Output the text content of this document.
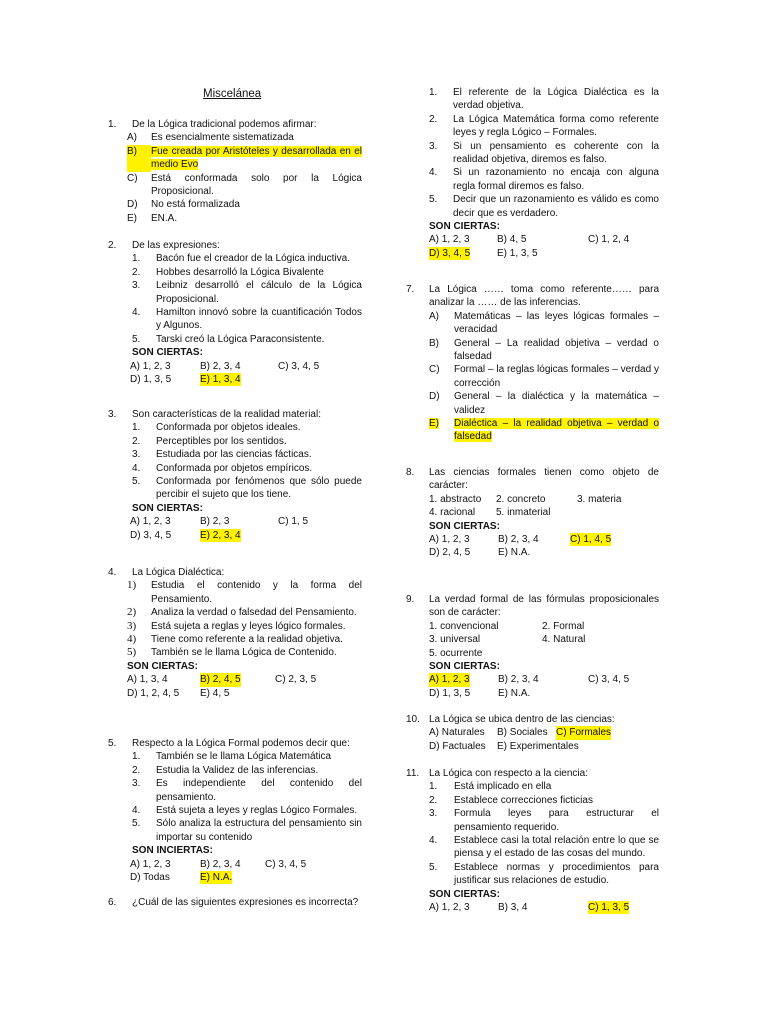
Miscelánea
1.	De la Lógica tradicional podemos afirmar:
A)	Es esencialmente sistematizada
B)	Fue creada por Aristóteles y desarrollada en el medio Evo
C)	Está conformada solo por la Lógica Proposicional.
D)	No está formalizada
E)	EN.A.
2.	De las expresiones:
1.	Bacón fue el creador de la Lógica inductiva.
2.	Hobbes desarrolló la Lógica Bivalente
3.	Leibniz desarrolló el cálculo de la Lógica Proposicional.
4.	Hamilton innovó sobre la cuantificación Todos y Algunos.
5.	Tarski creó la Lógica Paraconsistente.
SON CIERTAS:
A) 1, 2, 3	B) 2, 3, 4	C) 3, 4, 5
D) 1, 3, 5	E) 1, 3, 4
3.	Son características de la realidad material:
1.	Conformada por objetos ideales.
2.	Perceptibles por los sentidos.
3.	Estudiada por las ciencias fácticas.
4.	Conformada por objetos empíricos.
5.	Conformada por fenómenos que sólo puede percibir el sujeto que los tiene.
SON CIERTAS:
A) 1, 2, 3	B) 2, 3	C) 1, 5
D) 3, 4, 5	E) 2, 3, 4
4.	La Lógica Dialéctica:
1)	Estudia el contenido y la forma del Pensamiento.
2)	Analiza la verdad o falsedad del Pensamiento.
3)	Está sujeta a reglas y leyes lógico formales.
4)	Tiene como referente a la realidad objetiva.
5)	También se le llama Lógica de Contenido.
SON CIERTAS:
A) 1, 3, 4	B) 2, 4, 5	C) 2, 3, 5
D) 1, 2, 4, 5	E) 4, 5
5.	Respecto a la Lógica Formal podemos decir que:
1.	También se le llama Lógica Matemática
2.	Estudia la Validez de las inferencias.
3.	Es independiente del contenido del pensamiento.
4.	Está sujeta a leyes y reglas Lógico Formales.
5.	Sólo analiza la estructura del pensamiento sin importar su contenido
SON INCIERTAS:
A) 1, 2, 3	B) 2, 3, 4	C) 3, 4, 5
D) Todas	E) N.A.
6.	¿Cuál de las siguientes expresiones es incorrecta?
1.	El referente de la Lógica Dialéctica es la verdad objetiva.
2.	La Lógica Matemática forma como referente leyes y regla Lógico – Formales.
3.	Si un pensamiento es coherente con la realidad objetiva, diremos es falso.
4.	Si un razonamiento no encaja con alguna regla formal diremos es falso.
5.	Decir que un razonamiento es válido es como decir que es verdadero.
SON CIERTAS:
A) 1, 2, 3	B) 4, 5	C) 1, 2, 4
D) 3, 4, 5	E) 1, 3, 5
7.	La Lógica …… toma como referente…… para analizar la …… de las inferencias.
A)	Matemáticas – las leyes lógicas formales – veracidad
B)	General – La realidad objetiva – verdad o falsedad
C)	Formal – la reglas lógicas formales – verdad y corrección
D)	General – la dialéctica y la matemática – validez
E)	Dialéctica – la realidad objetiva – verdad o falsedad
8.	Las ciencias formales tienen como objeto de carácter:
1. abstracto	2. concreto	3. materia
4. racional	5. inmaterial
SON CIERTAS:
A) 1, 2, 3	B) 2, 3, 4	C) 1, 4, 5
D) 2, 4, 5	E) N.A.
9.	La verdad formal de las fórmulas proposicionales son de carácter:
1. convencional	2. Formal
3. universal	4. Natural
5. ocurrente
SON CIERTAS:
A) 1, 2, 3	B) 2, 3, 4	C) 3, 4, 5
D) 1, 3, 5	E) N.A.
10. La Lógica se ubica dentro de las ciencias:
A) Naturales	B) Sociales C) Formales
D) Factuales	E) Experimentales
11. La Lógica con respecto a la ciencia:
1.	Está implicado en ella
2.	Establece correcciones ficticias
3.	Formula leyes para estructurar el pensamiento requerido.
4.	Establece casi la total relación entre lo que se piensa y el estado de las cosas del mundo.
5.	Establece normas y procedimientos para justificar sus relaciones de estudio.
SON CIERTAS:
A) 1, 2, 3	B) 3, 4	C) 1, 3, 5
